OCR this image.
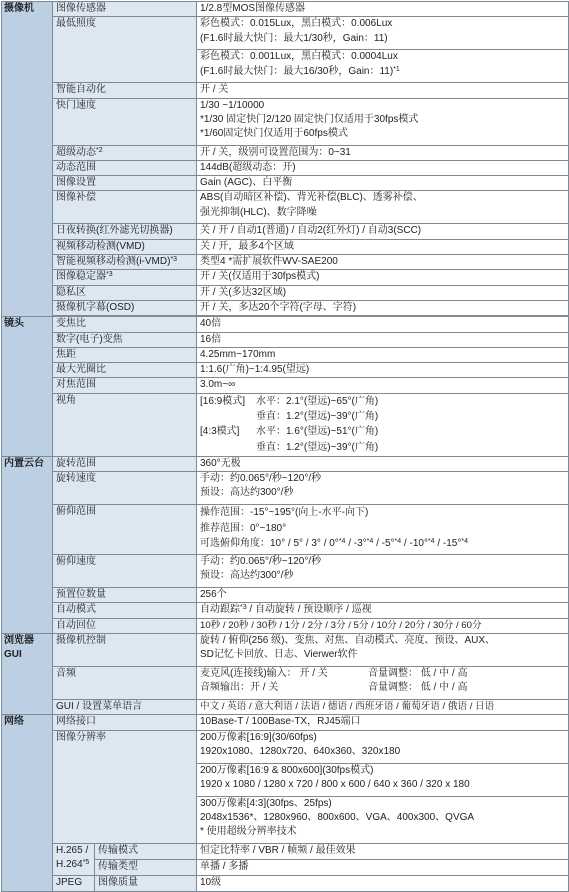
摄像机	图像传感器		1/2.8型MOS图像传感器
	最低照度		彩色模式：0.015Lux，黑白模式：0.006Lux
(F1.6时最大快门：最大1/30秒，Gain：11)

			彩色模式：0.001Lux，黑白模式：0.0004Lux
(F1.6时最大快门：最大16/30秒，Gain：11)$^{*1}$

	智能自动化		开 / 关
	快门速度		1/30 ~1/10000
*1/30 固定快门2/120 固定快门仅适用于30fps模式
*1/60固定快门仅适用于60fps模式

	超级动态$^{*2}$		开 / 关，级别可设置范围为：0~31
	动态范围		144dB(超级动态：开)
	图像设置		Gain (AGC)、白平衡
	图像补偿		ABS(自动暗区补偿)、背光补偿(BLC)、透雾补偿、
强光抑制(HLC)、数字降噪

	日夜转换(红外滤光切换器)		关 / 开 / 自动1(普通) / 自动2(红外灯) / 自动3(SCC)
	视频移动检测(VMD)		关 / 开，最多4个区域
	智能视频移动检测$(i-VMD)^{*3}$		类型4 *需扩展软件WV-SAE200
	图像稳定器$^{*3}$		开 / 关(仅适用于30fps模式)
	隐私区		开 / 关(多达32区域)
	摄像机字幕(OSD)		开 / 关，多达20个字符(字母、字符)

镜头	变焦比		40倍
	数字(电子)变焦		16倍
	焦距		4.25mm~170mm
	最大光圈比		1:1.6(广角)~1:4.95(望远)
	对焦范围		3.0m~∞
	视角		[16:9模式] 水平：2.1°(望远)~65°(广角)
垂直：1.2°(望远)~39°(广角)
[4:3模式] 水平：1.6°(望远)~51°(广角)
垂直：1.2°(望远)~39°(广角)

内置云台	旋转范围		360°无极
	旋转速度		手动：约0.065°/秒~120°/秒
预设：高达约300°/秒

	俯仰范围		操作范围：-15°~195°(向上-水平-向下)
推荐范围：0°~180°
可选俯仰角度：10° / 5° / 3° / 0°$^{*4}$ / -3°$^{*4}$ / -5°$^{*4}$ / -10°$^{*4}$ / -15°$^{*4}$

	俯仰速度		手动：约0.065°/秒~120°/秒
预设：高达约300°/秒

	预置位数量		256个
	自动模式		自动跟踪$^{*3}$ / 自动旋转 / 预设顺序 / 巡视
	自动回位		10秒 / 20秒 / 30秒 / 1分 / 2分 / 3分 / 5分 / 10分 / 20分 / 30分 / 60分

浏览器
GUI	摄像机控制		旋转 / 俯仰(256 级)、变焦、对焦、自动模式、亮度、预设、AUX、
SD记忆卡回放、日志、Vierwer软件

	音频		麦克风(连接线)输入： 开 / 关 音量调整： 低 / 中 / 高
音频输出：开 / 关 音量调整： 低 / 中 / 高

	GUI / 设置菜单语言		中文 / 英语 / 意大利语 / 法语 / 德语 / 西班牙语 / 葡萄牙语 / 俄语 / 日语
网络	网络接口		10Base-T / 100Base-TX，RJ45端口
	图像分辨率		200万像素[16:9](30/60fps)
1920x1080、1280x720、640x360、320x180

			200万像素[16:9 & 800x600](30fps模式)
1920 x 1080 / 1280 x 720 / 800 x 600 / 640 x 360 / 320 x 180

			300万像素[4:3](30fps、25fps)
2048x1536*、1280x960、800x600、VGA、400x300、QVGA
* 使用超级分辨率技术

	H.265 /
H.264$^{*5}$	传输模式	恒定比特率 / VBR / 帧频 / 最佳效果
		传输类型	单播 / 多播
	JPEG	图像质量	10级
